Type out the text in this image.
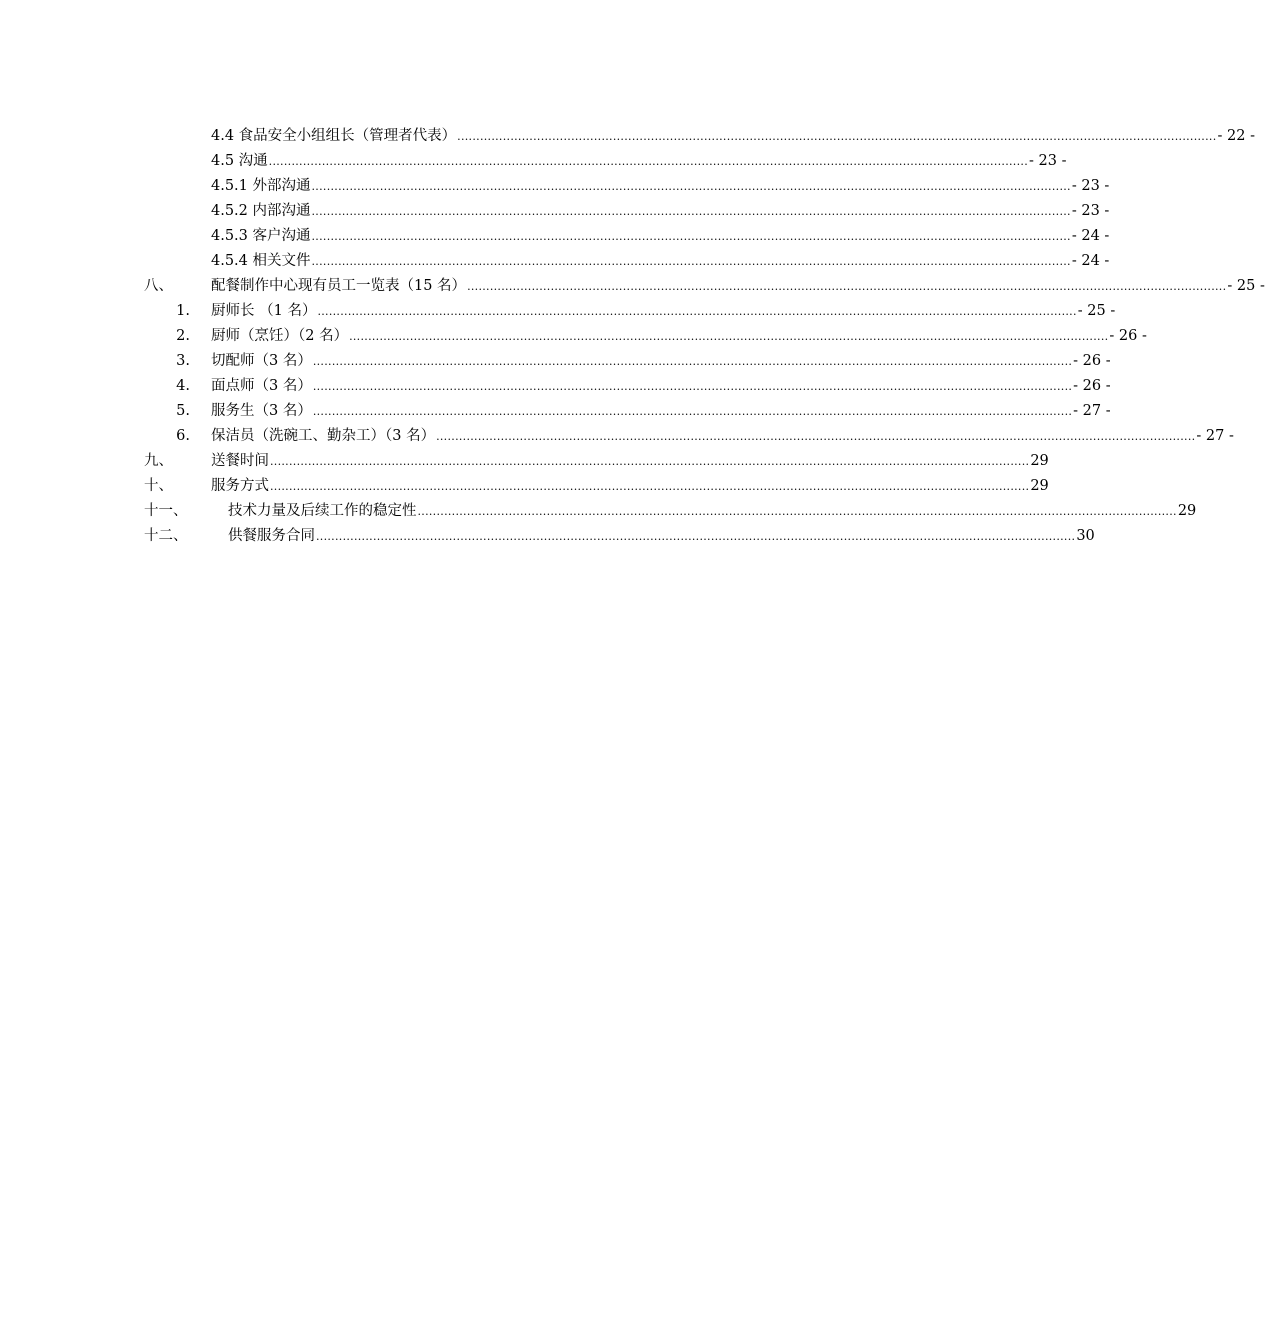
4.4 食品安全小组组长（管理者代表） ........................................................................................................................................................................................................ - 22 -
4.5 沟通 ........................................................................................................................................................................................................ - 23 -
4.5.1 外部沟通 ........................................................................................................................................................................................................ - 23 -
4.5.2 内部沟通 ........................................................................................................................................................................................................ - 23 -
4.5.3 客户沟通 ........................................................................................................................................................................................................ - 24 -
4.5.4 相关文件 ........................................................................................................................................................................................................ - 24 -
八、	配餐制作中心现有员工一览表（15 名） ........................................................................................................................................................................................................ - 25 -
1. 厨师长 （1 名） ........................................................................................................................................................................................................ - 25 -
2. 厨师（烹饪）（2 名） ........................................................................................................................................................................................................ - 26 -
3. 切配师（3 名） ........................................................................................................................................................................................................ - 26 -
4. 面点师（3 名） ........................................................................................................................................................................................................ - 26 -
5. 服务生（3 名） ........................................................................................................................................................................................................ - 27 -
6. 保洁员（洗碗工、勤杂工）（3 名） ........................................................................................................................................................................................................ - 27 -
九、	送餐时间 ........................................................................................................................................................................................................ 29
十、	服务方式 ........................................................................................................................................................................................................ 29
十一、	技术力量及后续工作的稳定性 ........................................................................................................................................................................................................ 29
十二、	供餐服务合同 ........................................................................................................................................................................................................ 30
